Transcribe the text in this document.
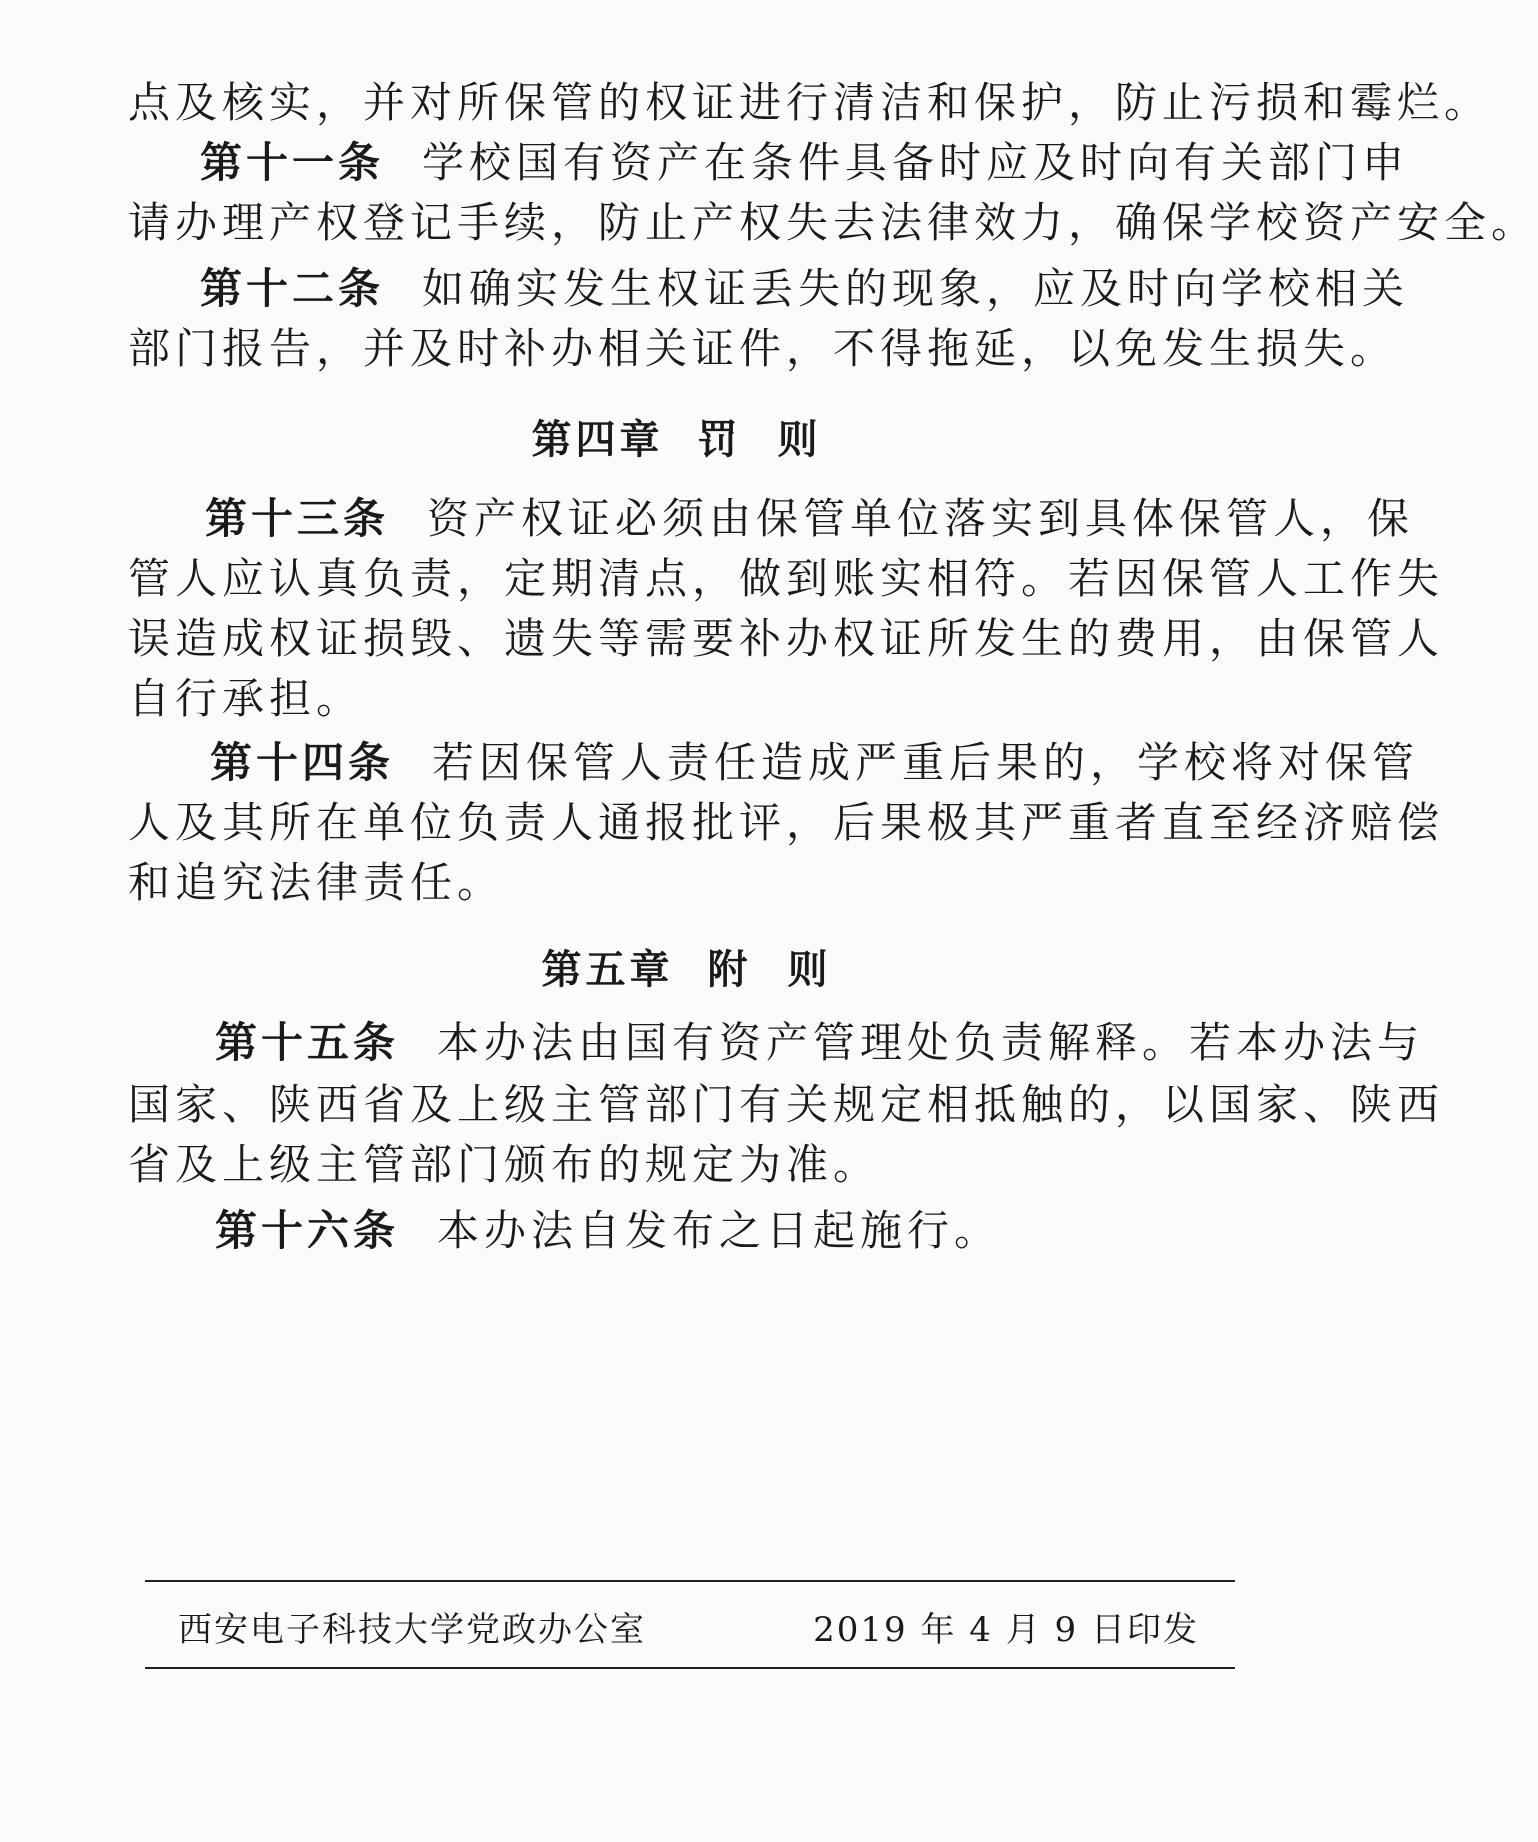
点及核实，并对所保管的权证进行清洁和保护，防止污损和霉烂。
第十一条 学校国有资产在条件具备时应及时向有关部门申
请办理产权登记手续，防止产权失去法律效力，确保学校资产安全。
第十二条 如确实发生权证丢失的现象，应及时向学校相关
部门报告，并及时补办相关证件，不得拖延，以免发生损失。
第四章 罚则
第十三条 资产权证必须由保管单位落实到具体保管人，保
管人应认真负责，定期清点，做到账实相符。若因保管人工作失
误造成权证损毁、遗失等需要补办权证所发生的费用，由保管人
自行承担。
第十四条 若因保管人责任造成严重后果的，学校将对保管
人及其所在单位负责人通报批评，后果极其严重者直至经济赔偿
和追究法律责任。
第五章 附则
第十五条 本办法由国有资产管理处负责解释。若本办法与
国家、陕西省及上级主管部门有关规定相抵触的，以国家、陕西
省及上级主管部门颁布的规定为准。
第十六条 本办法自发布之日起施行。
西安电子科技大学党政办公室	2019 年 4 月 9 日印发
